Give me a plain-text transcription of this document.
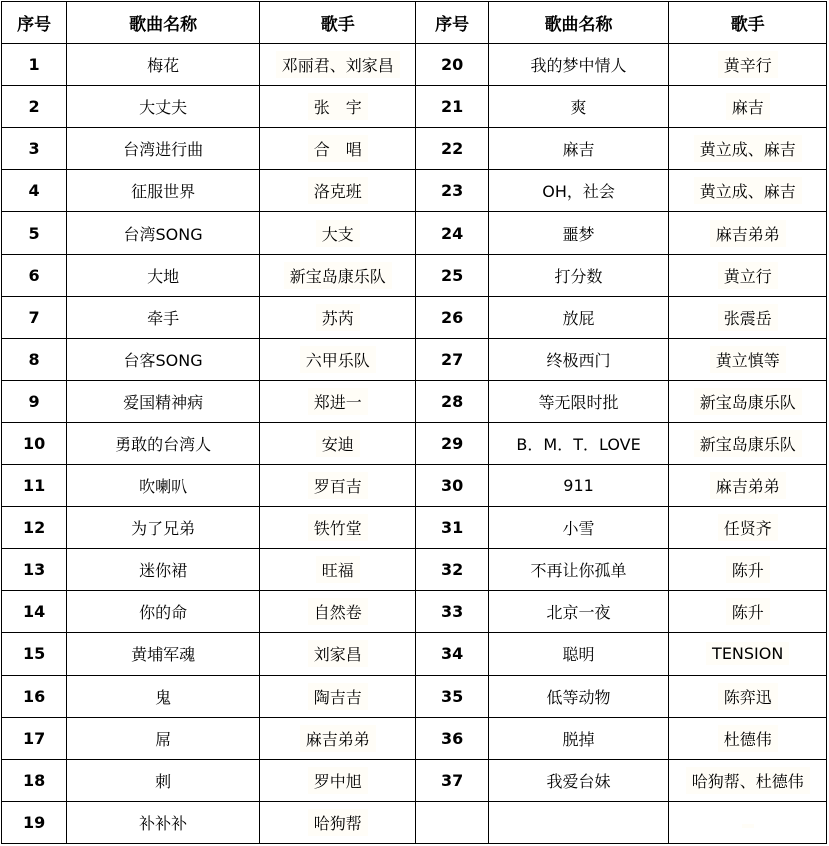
序号	歌曲名称	歌手	序号	歌曲名称	歌手
1	梅花	邓丽君、刘家昌	20	我的梦中情人	黄辛行
2	大丈夫	张　宇	21	爽	麻吉
3	台湾进行曲	合　唱	22	麻吉	黄立成、麻吉
4	征服世界	洛克班	23	OH，社会	黄立成、麻吉
5	台湾SONG	大支	24	噩梦	麻吉弟弟
6	大地	新宝岛康乐队	25	打分数	黄立行
7	牵手	苏芮	26	放屁	张震岳
8	台客SONG	六甲乐队	27	终极西门	黄立慎等
9	爱国精神病	郑进一	28	等无限时批	新宝岛康乐队
10	勇敢的台湾人	安迪	29	B．M．T．LOVE	新宝岛康乐队
11	吹喇叭	罗百吉	30	911	麻吉弟弟
12	为了兄弟	铁竹堂	31	小雪	任贤齐
13	迷你裙	旺福	32	不再让你孤单	陈升
14	你的命	自然卷	33	北京一夜	陈升
15	黄埔军魂	刘家昌	34	聪明	TENSION
16	鬼	陶吉吉	35	低等动物	陈弈迅
17	屌	麻吉弟弟	36	脱掉	杜德伟
18	刺	罗中旭	37	我爱台妹	哈狗帮、杜德伟
19	补补补	哈狗帮			
